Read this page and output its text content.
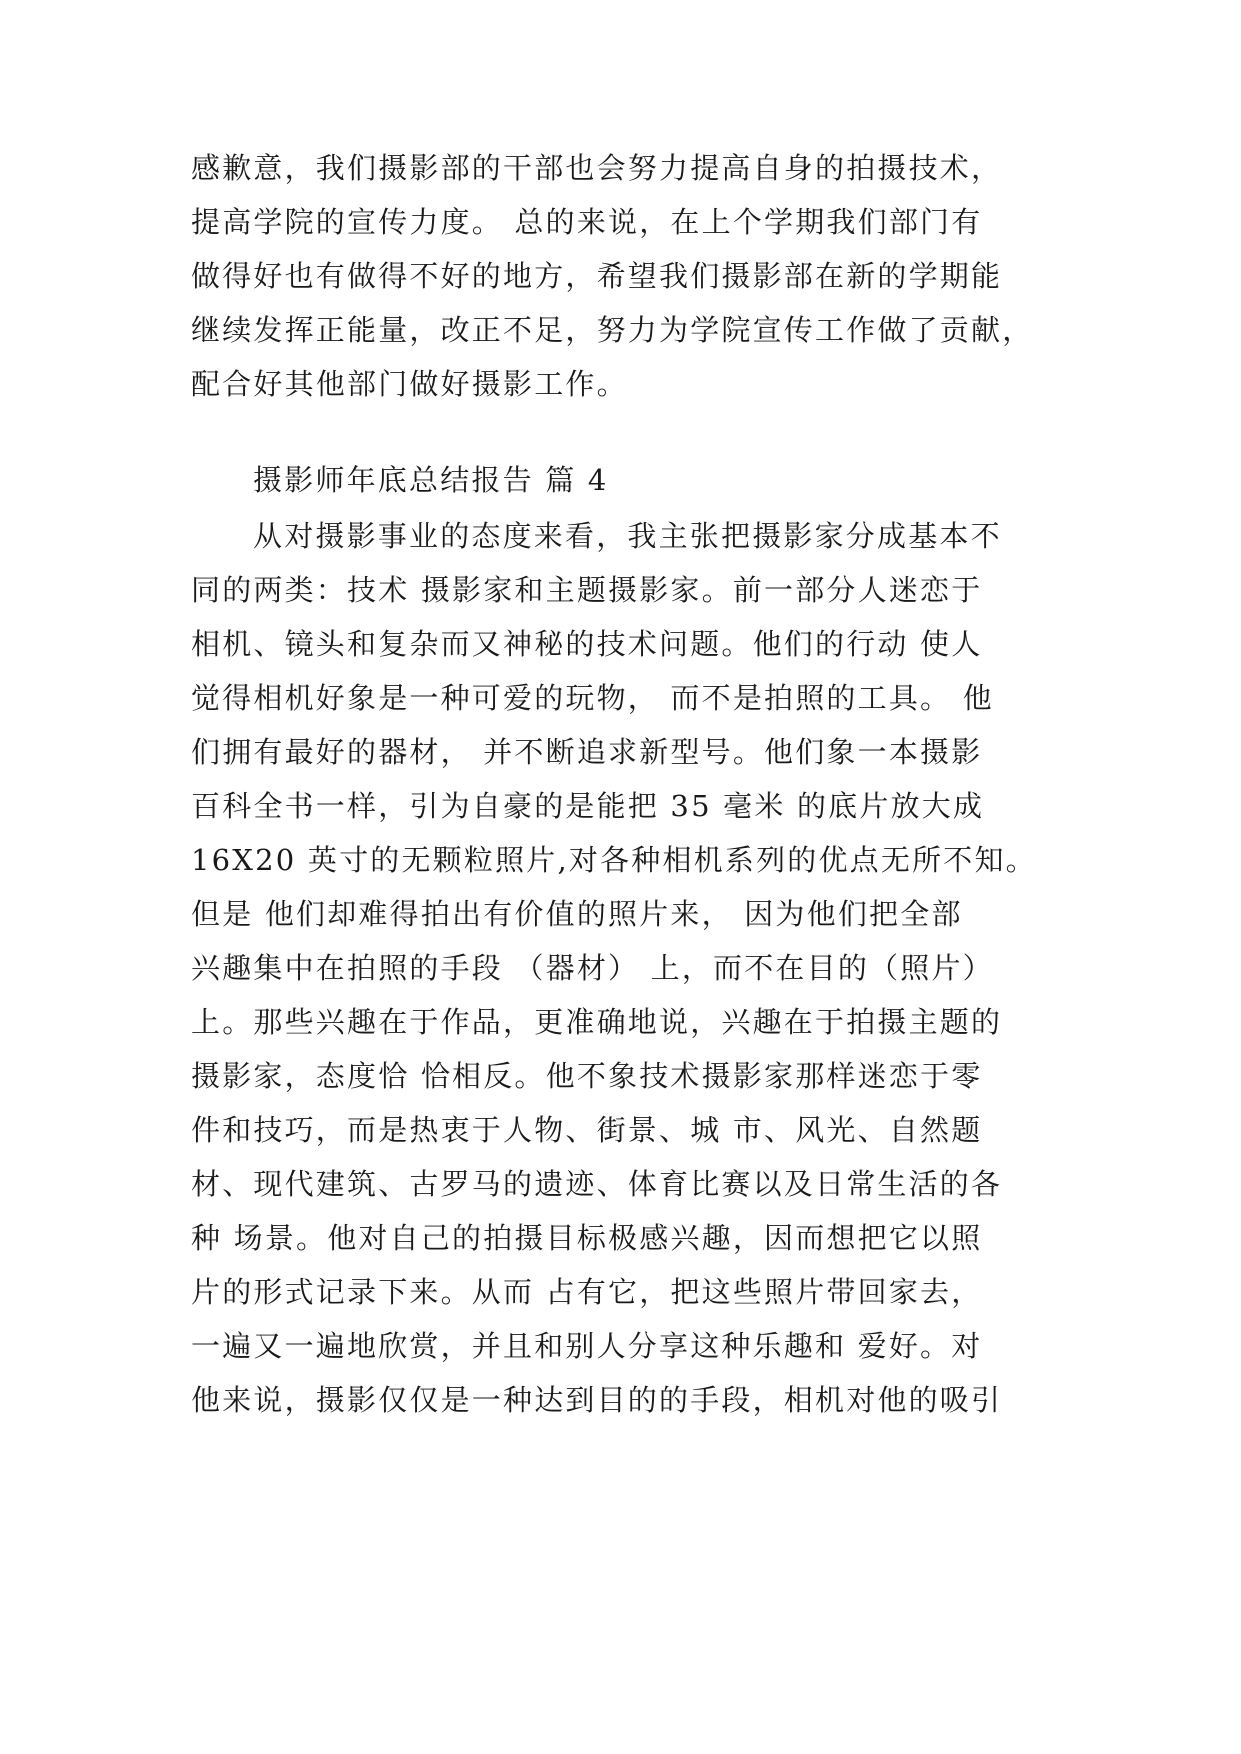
感歉意，我们摄影部的干部也会努力提高自身的拍摄技术，
提高学院的宣传力度。 总的来说，在上个学期我们部门有
做得好也有做得不好的地方，希望我们摄影部在新的学期能
继续发挥正能量，改正不足，努力为学院宣传工作做了贡献，
配合好其他部门做好摄影工作。
摄影师年底总结报告 篇 4
从对摄影事业的态度来看，我主张把摄影家分成基本不
同的两类：技术 摄影家和主题摄影家。前一部分人迷恋于
相机、镜头和复杂而又神秘的技术问题。他们的行动 使人
觉得相机好象是一种可爱的玩物， 而不是拍照的工具。 他
们拥有最好的器材， 并不断追求新型号。他们象一本摄影
百科全书一样，引为自豪的是能把 35 毫米 的底片放大成
16X20 英寸的无颗粒照片,对各种相机系列的优点无所不知。
但是 他们却难得拍出有价值的照片来， 因为他们把全部
兴趣集中在拍照的手段 （器材） 上，而不在目的（照片）
上。那些兴趣在于作品，更准确地说，兴趣在于拍摄主题的
摄影家，态度恰 恰相反。他不象技术摄影家那样迷恋于零
件和技巧，而是热衷于人物、街景、城 市、风光、自然题
材、现代建筑、古罗马的遗迹、体育比赛以及日常生活的各
种 场景。他对自己的拍摄目标极感兴趣，因而想把它以照
片的形式记录下来。从而 占有它，把这些照片带回家去，
一遍又一遍地欣赏，并且和别人分享这种乐趣和 爱好。对
他来说，摄影仅仅是一种达到目的的手段，相机对他的吸引
